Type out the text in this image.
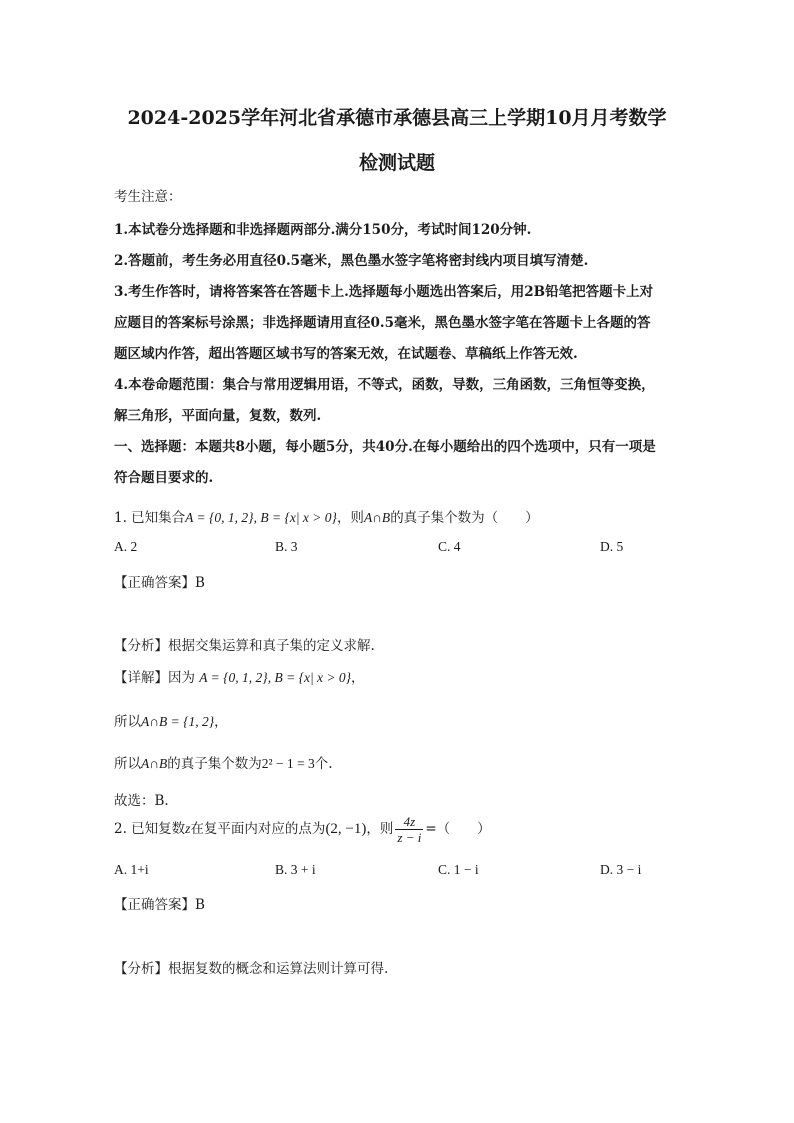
2024-2025学年河北省承德市承德县高三上学期10月月考数学
检测试题
考生注意：
1.本试卷分选择题和非选择题两部分.满分150分，考试时间120分钟.
2.答题前，考生务必用直径0.5毫米，黑色墨水签字笔将密封线内项目填写清楚.
3.考生作答时，请将答案答在答题卡上.选择题每小题选出答案后，用2B铅笔把答题卡上对
应题目的答案标号涂黑；非选择题请用直径0.5毫米，黑色墨水签字笔在答题卡上各题的答
题区域内作答，超出答题区域书写的答案无效，在试题卷、草稿纸上作答无效.
4.本卷命题范围：集合与常用逻辑用语，不等式，函数，导数，三角函数，三角恒等变换，
解三角形，平面向量，复数，数列.
一、选择题：本题共8小题，每小题5分，共40分.在每小题给出的四个选项中，只有一项是
符合题目要求的.
1. 已知集合A = {0, 1, 2}, B = {x| x > 0}，则A∩B的真子集个数为（　　）
A. 2	B. 3	C. 4	D. 5
【正确答案】B
【分析】根据交集运算和真子集的定义求解.
【详解】因为 A = {0, 1, 2}, B = {x| x > 0}，
所以A∩B = {1, 2}，
所以A∩B的真子集个数为2² − 1 = 3个.
故选：B.
2. 已知复数z在复平面内对应的点为(2, −1)，则 $\frac{4z}{z - i}$ =（　　）
A. 1+i	B. 3 + i	C. 1 − i	D. 3 − i
【正确答案】B
【分析】根据复数的概念和运算法则计算可得.
